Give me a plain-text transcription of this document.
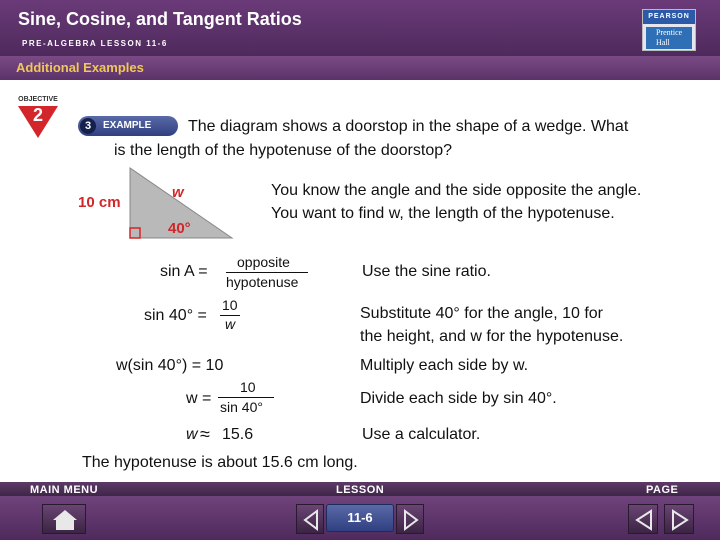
Sine, Cosine, and Tangent Ratios
PRE-ALGEBRA LESSON 11-6
PEARSON
Prentice
Hall
Additional Examples
OBJECTIVE
2
3	EXAMPLE The diagram shows a doorstop in the shape of a wedge. What
is the length of the hypotenuse of the doorstop?
10 cm
w
40°
You know the angle and the side opposite the angle.
You want to find w, the length of the hypotenuse.
sin A =
opposite
hypotenuse
Use the sine ratio.
sin 40° =
10
w
Substitute 40° for the angle, 10 for
the height, and w for the hypotenuse.
w(sin 40°) = 10	Multiply each side by w.
w =
10
sin 40°	Divide each side by sin 40°.
w ≈ 15.6	Use a calculator.
The hypotenuse is about 15.6 cm long.
MAIN MENU	LESSON	PAGE
11-6
